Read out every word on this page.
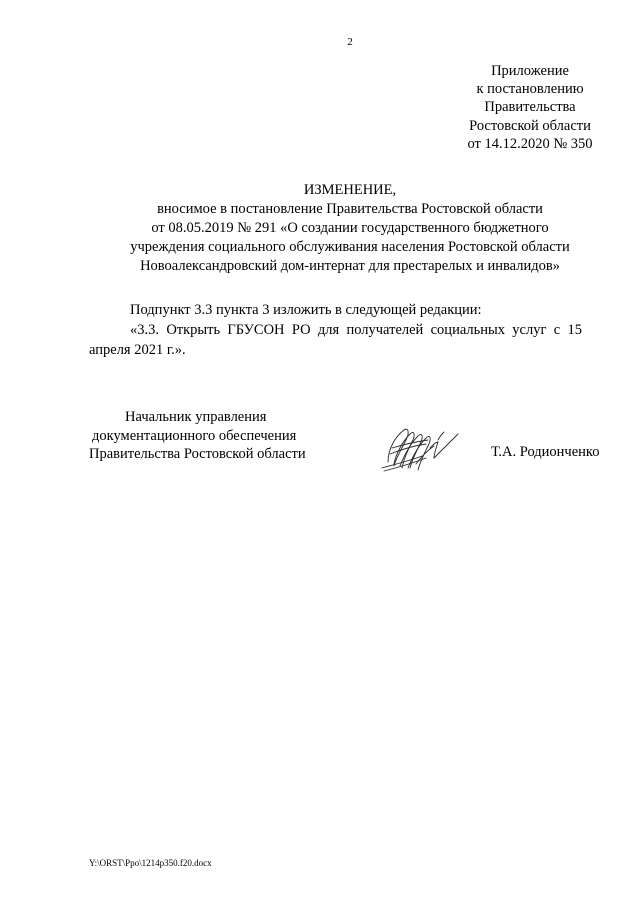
2
Приложение
к постановлению
Правительства
Ростовской области
от 14.12.2020 № 350
ИЗМЕНЕНИЕ,
вносимое в постановление Правительства Ростовской области
от 08.05.2019 № 291 «О создании государственного бюджетного
учреждения социального обслуживания населения Ростовской области
Новоалександровский дом-интернат для престарелых и инвалидов»
Подпункт 3.3 пункта 3 изложить в следующей редакции:
«3.3. Открыть ГБУСОН РО для получателей социальных услуг с 15 апреля 2021 г.».
Начальник управления
документационного обеспечения
Правительства Ростовской области	Т.А. Родионченко
Y:\ORST\Ppo\1214p350.f20.docx
